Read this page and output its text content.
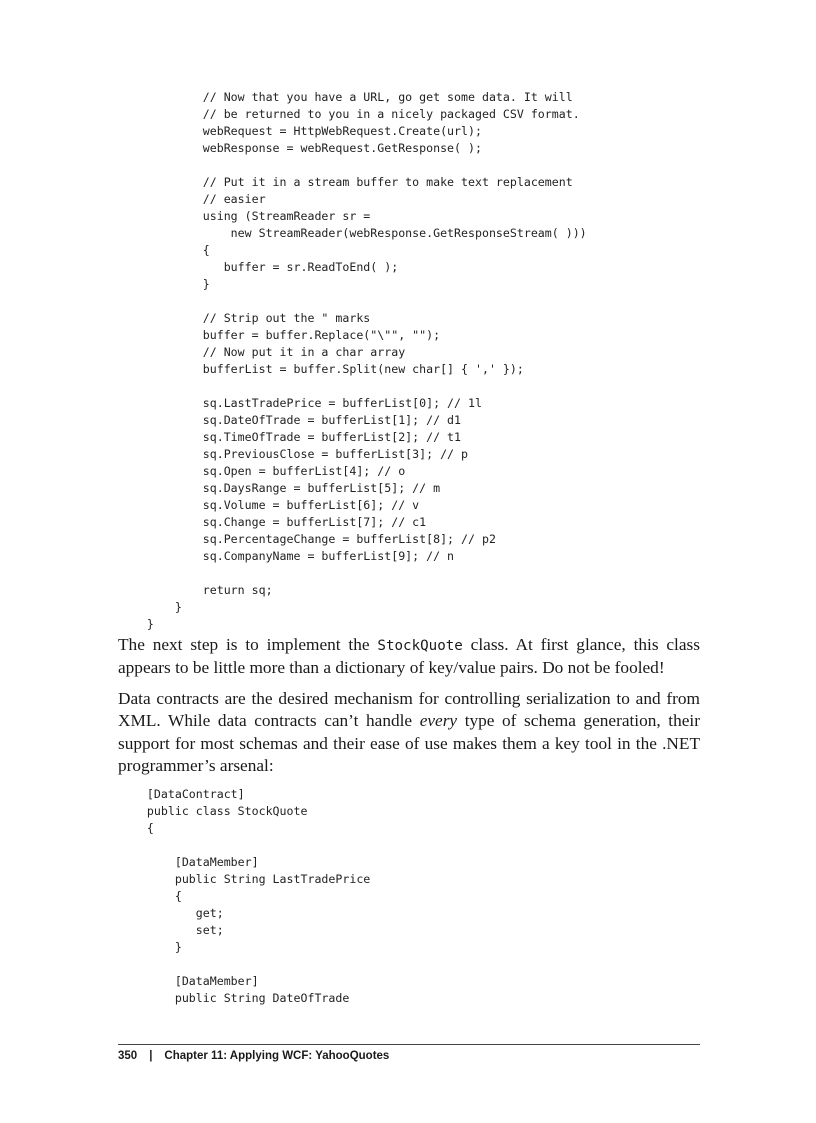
// Now that you have a URL, go get some data. It will
// be returned to you in a nicely packaged CSV format.
webRequest = HttpWebRequest.Create(url);
webResponse = webRequest.GetResponse( );
// Put it in a stream buffer to make text replacement
// easier
using (StreamReader sr =
new StreamReader(webResponse.GetResponseStream( )))
{
buffer = sr.ReadToEnd( );
}
// Strip out the " marks
buffer = buffer.Replace("\"", "");
// Now put it in a char array
bufferList = buffer.Split(new char[] { ',' });
sq.LastTradePrice = bufferList[0]; // 1l
sq.DateOfTrade = bufferList[1]; // d1
sq.TimeOfTrade = bufferList[2]; // t1
sq.PreviousClose = bufferList[3]; // p
sq.Open = bufferList[4]; // o
sq.DaysRange = bufferList[5]; // m
sq.Volume = bufferList[6]; // v
sq.Change = bufferList[7]; // c1
sq.PercentageChange = bufferList[8]; // p2
sq.CompanyName = bufferList[9]; // n
return sq;
}
}

The next step is to implement the StockQuote class. At first glance, this class appears to be little more than a dictionary of key/value pairs. Do not be fooled!

Data contracts are the desired mechanism for controlling serialization to and from XML. While data contracts can’t handle every type of schema generation, their support for most schemas and their ease of use makes them a key tool in the .NET programmer’s arsenal:

[DataContract]
public class StockQuote
{
[DataMember]
public String LastTradePrice
{
get;
set;
}
[DataMember]
public String DateOfTrade
350 | Chapter 11: Applying WCF: YahooQuotes
